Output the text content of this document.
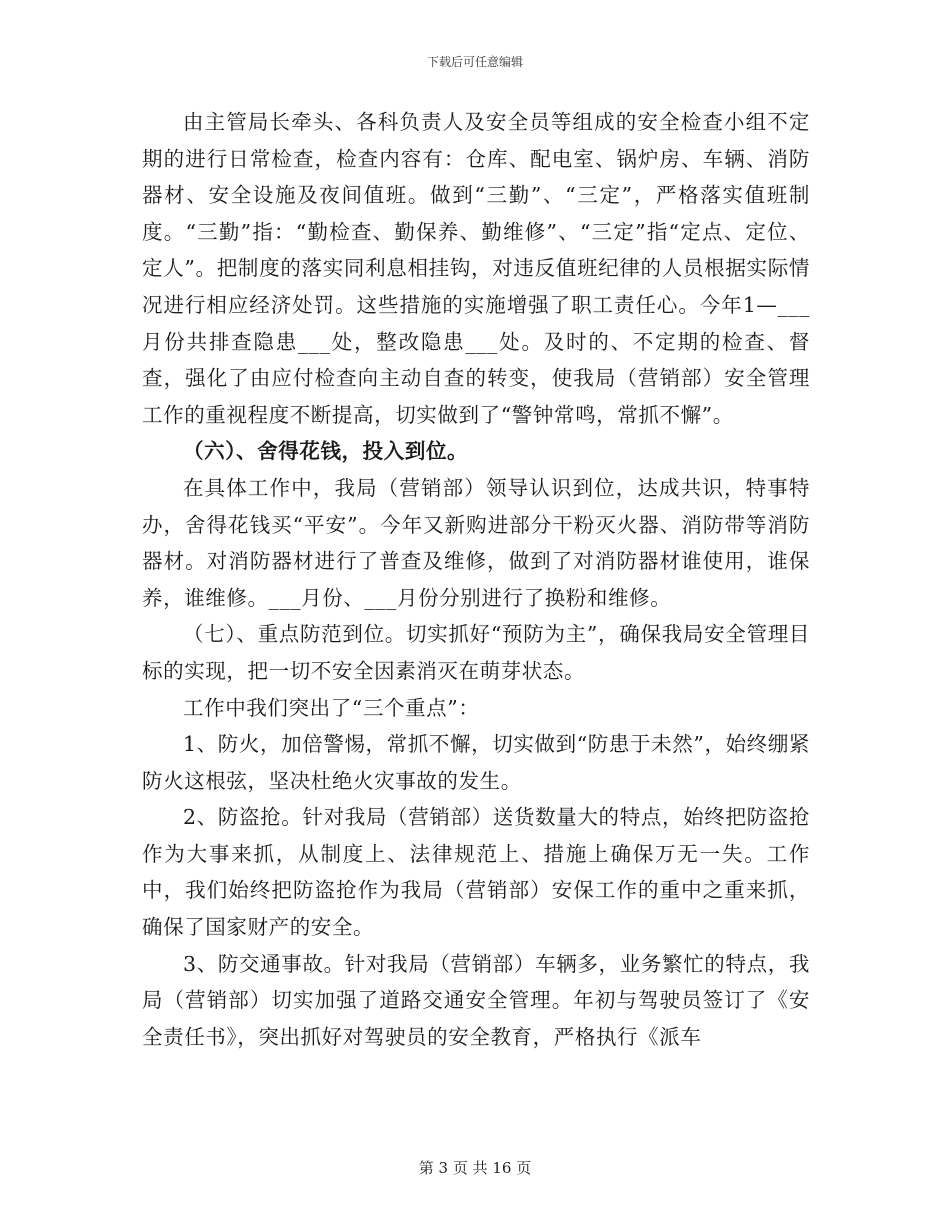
下载后可任意编辑

由主管局长牵头、各科负责人及安全员等组成的安全检查小组不定期的进行日常检查，检查内容有：仓库、配电室、锅炉房、车辆、消防器材、安全设施及夜间值班。做到“三勤”、“三定”，严格落实值班制度。“三勤”指：“勤检查、勤保养、勤维修”、“三定”指“定点、定位、定人”。把制度的落实同利息相挂钩，对违反值班纪律的人员根据实际情况进行相应经济处罚。这些措施的实施增强了职工责任心。今年1—___月份共排查隐患___处，整改隐患___处。及时的、不定期的检查、督查，强化了由应付检查向主动自查的转变，使我局（营销部）安全管理工作的重视程度不断提高，切实做到了“警钟常鸣，常抓不懈”。

（六）、舍得花钱，投入到位。

在具体工作中，我局（营销部）领导认识到位，达成共识，特事特办，舍得花钱买“平安”。今年又新购进部分干粉灭火器、消防带等消防器材。对消防器材进行了普查及维修，做到了对消防器材谁使用，谁保养，谁维修。___月份、___月份分别进行了换粉和维修。

（七）、重点防范到位。切实抓好“预防为主”，确保我局安全管理目标的实现，把一切不安全因素消灭在萌芽状态。

工作中我们突出了“三个重点”：

1、防火，加倍警惕，常抓不懈，切实做到“防患于未然”，始终绷紧防火这根弦，坚决杜绝火灾事故的发生。

2、防盗抢。针对我局（营销部）送货数量大的特点，始终把防盗抢作为大事来抓，从制度上、法律规范上、措施上确保万无一失。工作中，我们始终把防盗抢作为我局（营销部）安保工作的重中之重来抓，确保了国家财产的安全。

3、防交通事故。针对我局（营销部）车辆多，业务繁忙的特点，我局（营销部）切实加强了道路交通安全管理。年初与驾驶员签订了《安全责任书》，突出抓好对驾驶员的安全教育，严格执行《派车

第 3 页 共 16 页
